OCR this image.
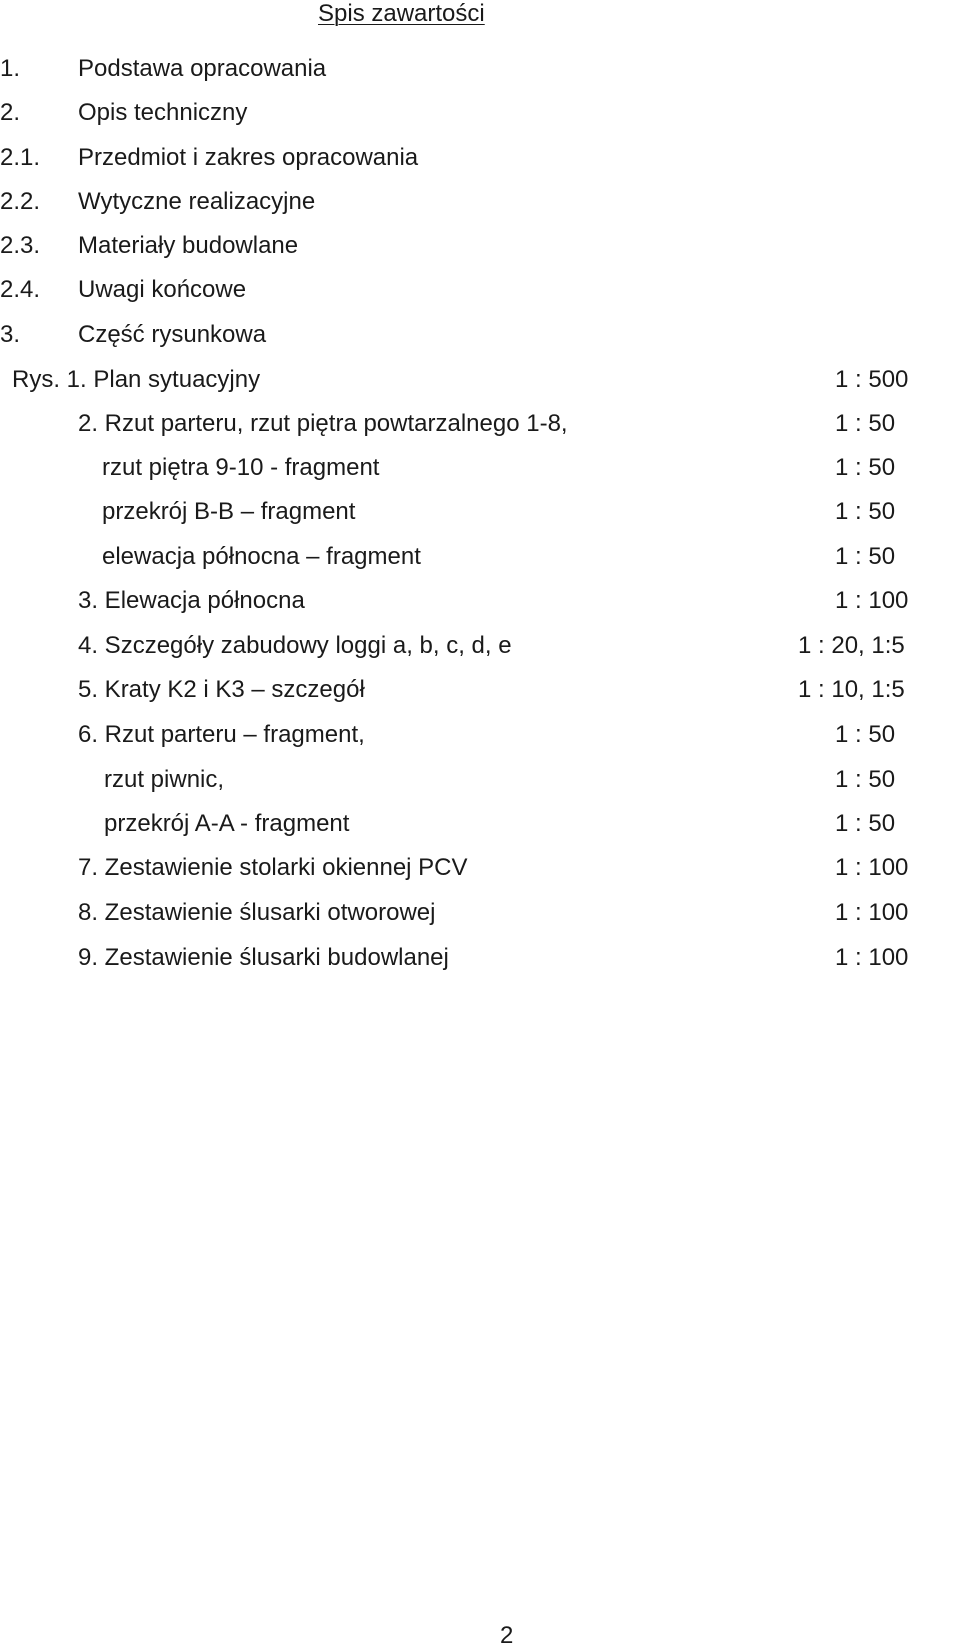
Spis zawartości
1. Podstawa opracowania
2. Opis techniczny
2.1. Przedmiot i zakres opracowania
2.2. Wytyczne realizacyjne
2.3. Materiały budowlane
2.4. Uwagi końcowe
3. Część rysunkowa
Rys. 1. Plan sytuacyjny	1 : 500
2. Rzut parteru, rzut piętra powtarzalnego 1-8,	1 : 50
rzut piętra 9-10 - fragment	1 : 50
przekrój B-B – fragment	1 : 50
elewacja północna – fragment	1 : 50
3. Elewacja północna	1 : 100
4. Szczegóły zabudowy loggi a, b, c, d, e	1 : 20, 1:5
5. Kraty K2 i K3 – szczegół	1 : 10, 1:5
6. Rzut parteru – fragment,	1 : 50
rzut piwnic,	1 : 50
przekrój A-A - fragment	1 : 50
7. Zestawienie stolarki okiennej PCV	1 : 100
8. Zestawienie ślusarki otworowej	1 : 100
9. Zestawienie ślusarki budowlanej	1 : 100
2
